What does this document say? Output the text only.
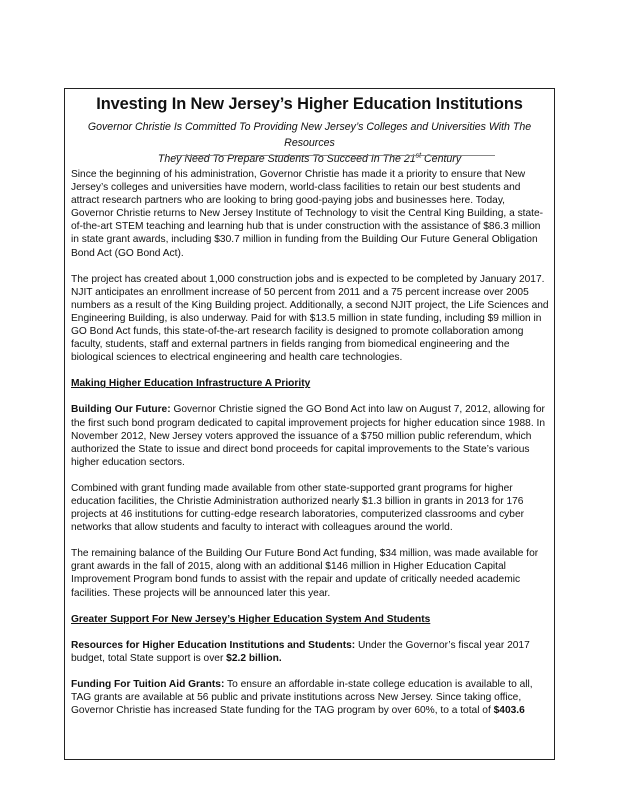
Investing In New Jersey’s Higher Education Institutions
Governor Christie Is Committed To Providing New Jersey’s Colleges and Universities With The Resources
They Need To Prepare Students To Succeed In The 21st Century

Since the beginning of his administration, Governor Christie has made it a priority to ensure that New Jersey’s colleges and universities have modern, world-class facilities to retain our best students and attract research partners who are looking to bring good-paying jobs and businesses here. Today, Governor Christie returns to New Jersey Institute of Technology to visit the Central King Building, a state-of-the-art STEM teaching and learning hub that is under construction with the assistance of $86.3 million in state grant awards, including $30.7 million in funding from the Building Our Future General Obligation Bond Act (GO Bond Act).

The project has created about 1,000 construction jobs and is expected to be completed by January 2017. NJIT anticipates an enrollment increase of 50 percent from 2011 and a 75 percent increase over 2005 numbers as a result of the King Building project. Additionally, a second NJIT project, the Life Sciences and Engineering Building, is also underway. Paid for with $13.5 million in state funding, including $9 million in GO Bond Act funds, this state-of-the-art research facility is designed to promote collaboration among faculty, students, staff and external partners in fields ranging from biomedical engineering and the biological sciences to electrical engineering and health care technologies.

Making Higher Education Infrastructure A Priority

Building Our Future: Governor Christie signed the GO Bond Act into law on August 7, 2012, allowing for the first such bond program dedicated to capital improvement projects for higher education since 1988. In November 2012, New Jersey voters approved the issuance of a $750 million public referendum, which authorized the State to issue and direct bond proceeds for capital improvements to the State’s various higher education sectors.

Combined with grant funding made available from other state-supported grant programs for higher education facilities, the Christie Administration authorized nearly $1.3 billion in grants in 2013 for 176 projects at 46 institutions for cutting-edge research laboratories, computerized classrooms and cyber networks that allow students and faculty to interact with colleagues around the world.

The remaining balance of the Building Our Future Bond Act funding, $34 million, was made available for grant awards in the fall of 2015, along with an additional $146 million in Higher Education Capital Improvement Program bond funds to assist with the repair and update of critically needed academic facilities. These projects will be announced later this year.

Greater Support For New Jersey’s Higher Education System And Students

Resources for Higher Education Institutions and Students: Under the Governor’s fiscal year 2017 budget, total State support is over $2.2 billion.

Funding For Tuition Aid Grants: To ensure an affordable in-state college education is available to all, TAG grants are available at 56 public and private institutions across New Jersey. Since taking office, Governor Christie has increased State funding for the TAG program by over 60%, to a total of $403.6
